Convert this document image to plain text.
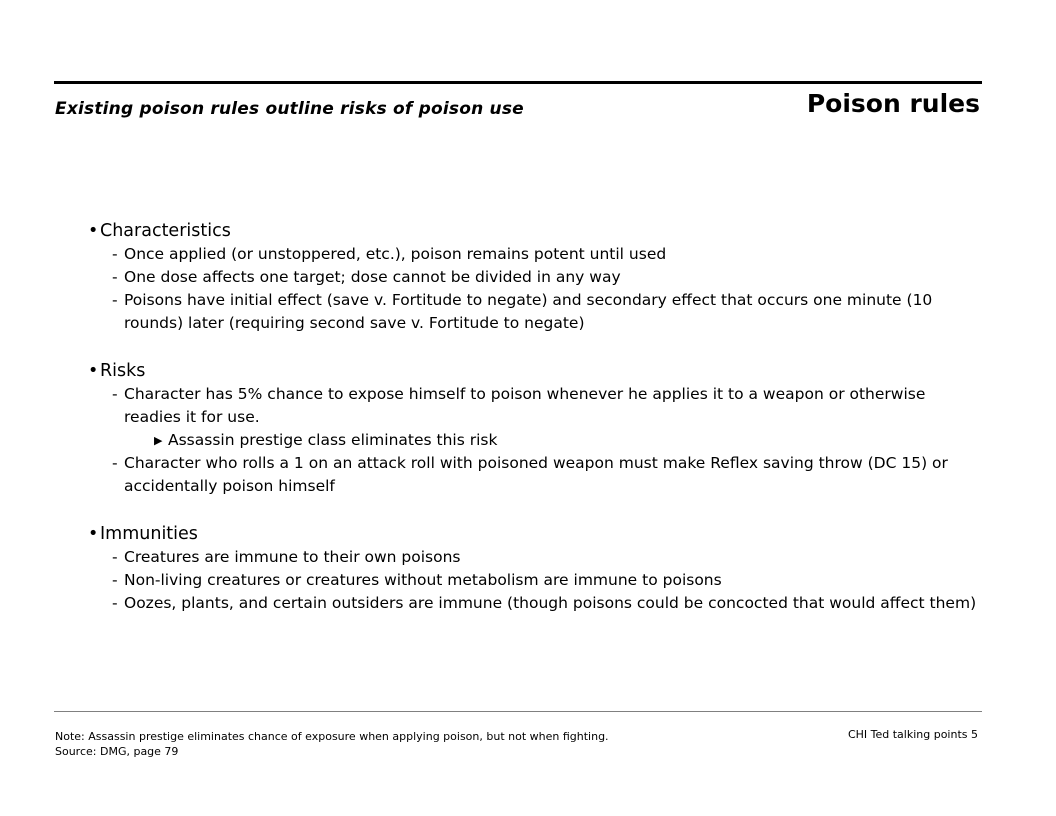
Existing poison rules outline risks of poison use	Poison rules
• Characteristics
- Once applied (or unstoppered, etc.), poison remains potent until used
- One dose affects one target; dose cannot be divided in any way
- Poisons have initial effect (save v. Fortitude to negate) and secondary effect that occurs one minute (10 rounds) later (requiring second save v. Fortitude to negate)
• Risks
- Character has 5% chance to expose himself to poison whenever he applies it to a weapon or otherwise readies it for use.
▶ Assassin prestige class eliminates this risk
- Character who rolls a 1 on an attack roll with poisoned weapon must make Reflex saving throw (DC 15) or accidentally poison himself
• Immunities
- Creatures are immune to their own poisons
- Non-living creatures or creatures without metabolism are immune to poisons
- Oozes, plants, and certain outsiders are immune (though poisons could be concocted that would affect them)
Note: Assassin prestige eliminates chance of exposure when applying poison, but not when fighting.
Source: DMG, page 79
CHI Ted talking points 5
